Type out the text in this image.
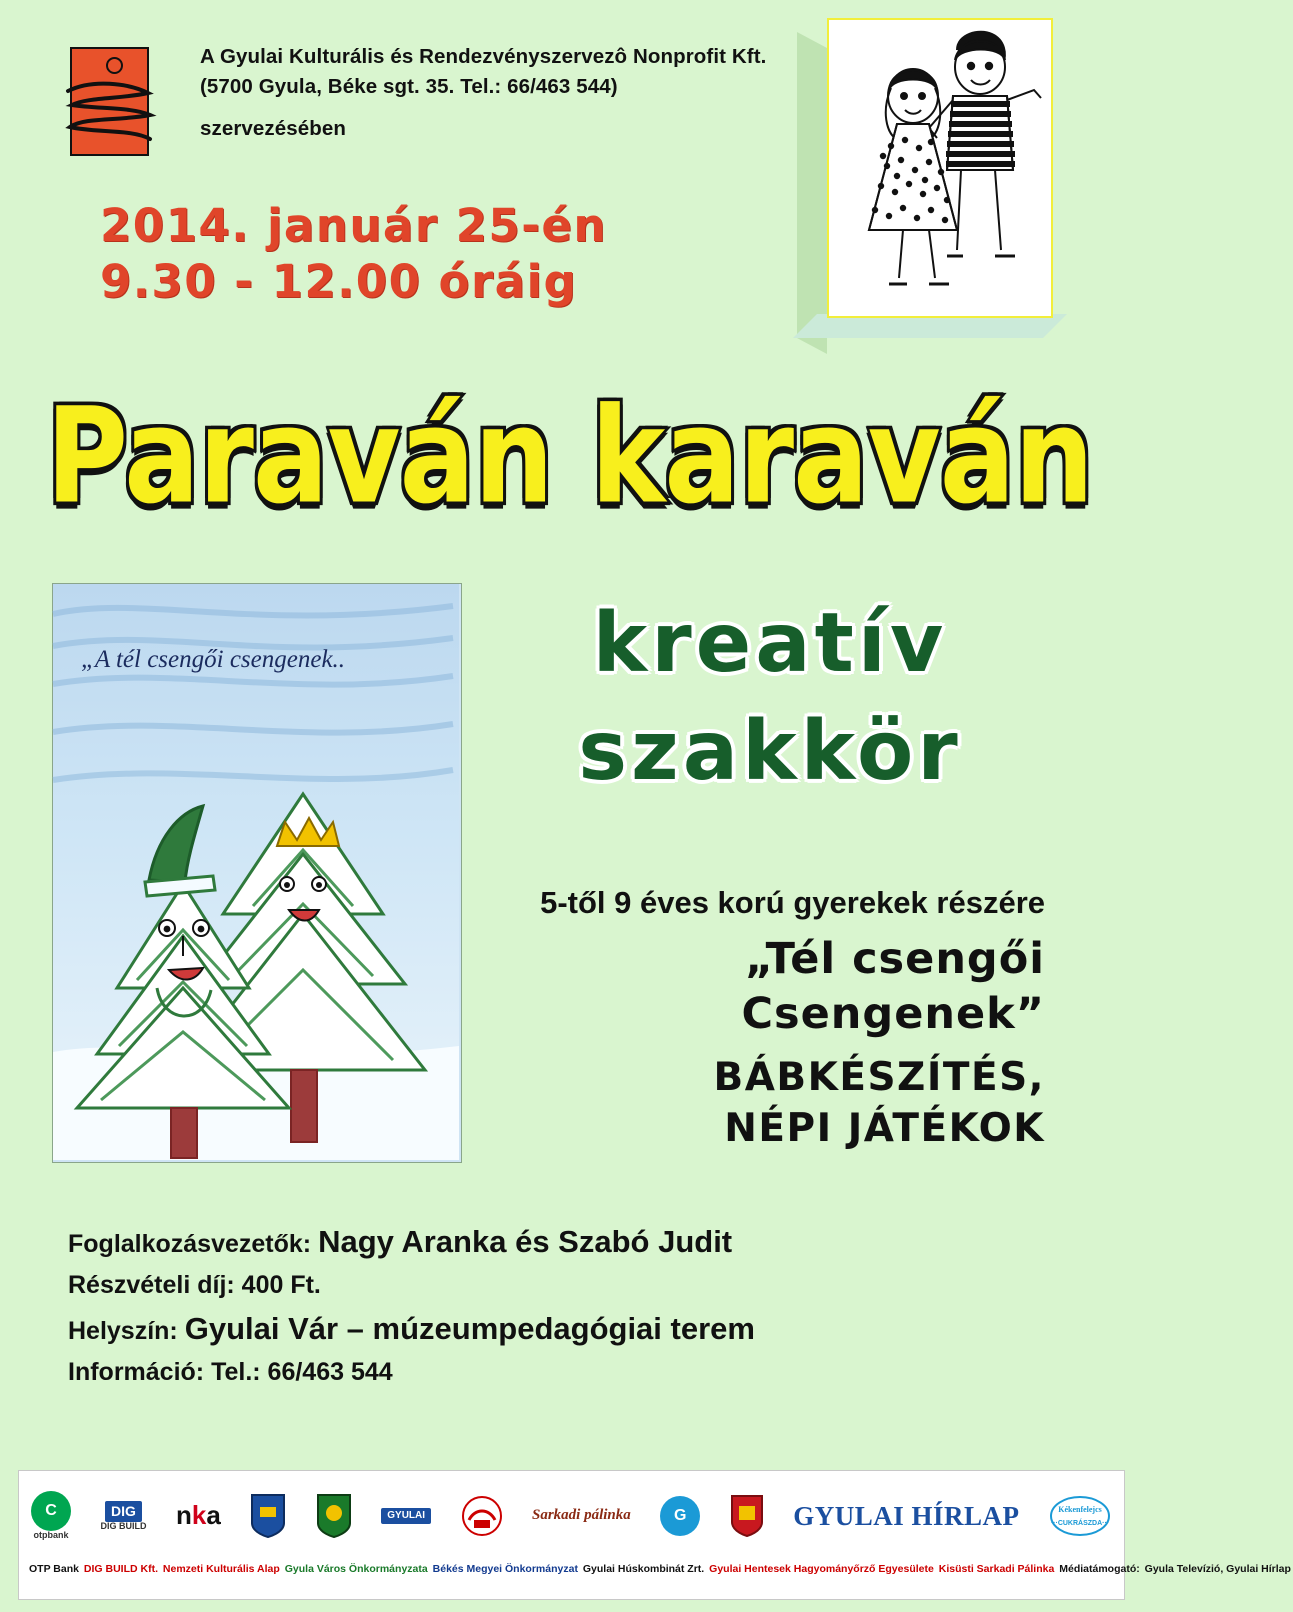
A Gyulai Kulturális és Rendezvényszervezô Nonprofit Kft.
(5700 Gyula, Béke sgt. 35. Tel.: 66/463 544)
szervezésében
2014. január 25-én
9.30 - 12.00 óráig
Paraván karaván
kreatív
szakkör
„A tél csengői csengenek..
5-től 9 éves korú gyerekek részére
„Tél csengői
Csengenek”
BÁBKÉSZÍTÉS,
NÉPI JÁTÉKOK
Foglalkozásvezetők: Nagy Aranka és Szabó Judit
Részvételi díj: 400 Ft.
Helyszín: Gyulai Vár – múzeumpedagógiai terem
Információ: Tel.: 66/463 544
C
otpbank
DIG
DIG BUILD nka	GYULAI	Sarkadi pálinka	G	GYULAI HÍRLAP	Kékenfelejcs
···CUKRÁSZDA···
OTP Bank DIG BUILD Kft. Nemzeti Kulturális Alap Gyula Város Önkormányzata Békés Megyei Önkormányzat Gyulai Húskombinát Zrt. Gyulai Hentesek Hagyományőrző Egyesülete Kisüsti Sarkadi Pálinka Médiatámogató: Gyula Televízió, Gyulai Hírlap
